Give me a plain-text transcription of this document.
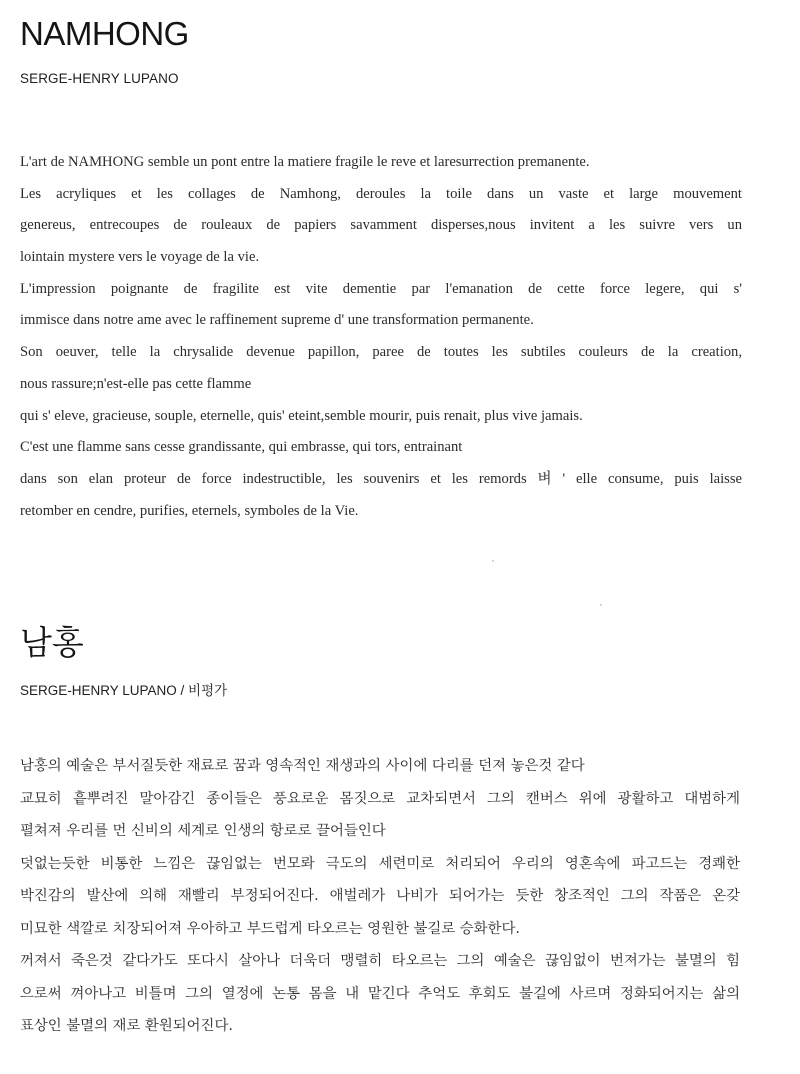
NAMHONG

SERGE-HENRY LUPANO

L'art de NAMHONG semble un pont entre la matiere fragile le reve et laresurrection premanente.
Les acryliques et les collages de Namhong, deroules la toile dans un vaste et large mouvement
genereus, entrecoupes de rouleaux de papiers savamment disperses,nous invitent a les suivre vers un
lointain mystere vers le voyage de la vie.
L'impression poignante de fragilite est vite dementie par l'emanation de cette force legere, qui s'
immisce dans notre ame avec le raffinement supreme d' une transformation permanente.
Son oeuver, telle la chrysalide devenue papillon, paree de toutes les subtiles couleurs de la creation,
nous rassure;n'est-elle pas cette flamme
qui s' eleve, gracieuse, souple, eternelle, quis' eteint,semble mourir, puis renait, plus vive jamais.
C'est une flamme sans cesse grandissante, qui embrasse, qui tors, entrainant
dans son elan proteur de force indestructible, les souvenirs et les remords 벼 ' elle consume, puis laisse
retomber en cendre, purifies, eternels, symboles de la Vie.
남홍

SERGE-HENRY LUPANO / 비평가

남홍의 예술은 부서질듯한 재료로 꿈과 영속적인 재생과의 사이에 다리를 던져 놓은것 같다
교묘히 흩뿌려진 말아감긴 종이들은 풍요로운 몸짓으로 교차되면서 그의 캔버스 위에 광활하고 대범하게
펼쳐져 우리를 먼 신비의 세계로 인생의 항로로 끌어들인다
덧없는듯한 비통한 느낌은 끊임없는 번모롸 극도의 세련미로 처리되어 우리의 영혼속에 파고드는 경쾌한
박진감의 발산에 의해 재빨리 부정되어진다. 애벌레가 나비가 되어가는 듯한 창조적인 그의 작품은 온갖
미묘한 색깔로 치장되어져 우아하고 부드럽게 타오르는 영원한 불길로 승화한다.
꺼져서 죽은것 같다가도 또다시 살아나 더욱더 맹렬히 타오르는 그의 예술은 끊임없이 번져가는 불멸의 힘
으로써 껴아나고 비틀며 그의 열정에 논통 몸을 내 맡긴다 추억도 후회도 불길에 사르며 정화되어지는 삶의
표상인 불멸의 재로 환원되어진다.
